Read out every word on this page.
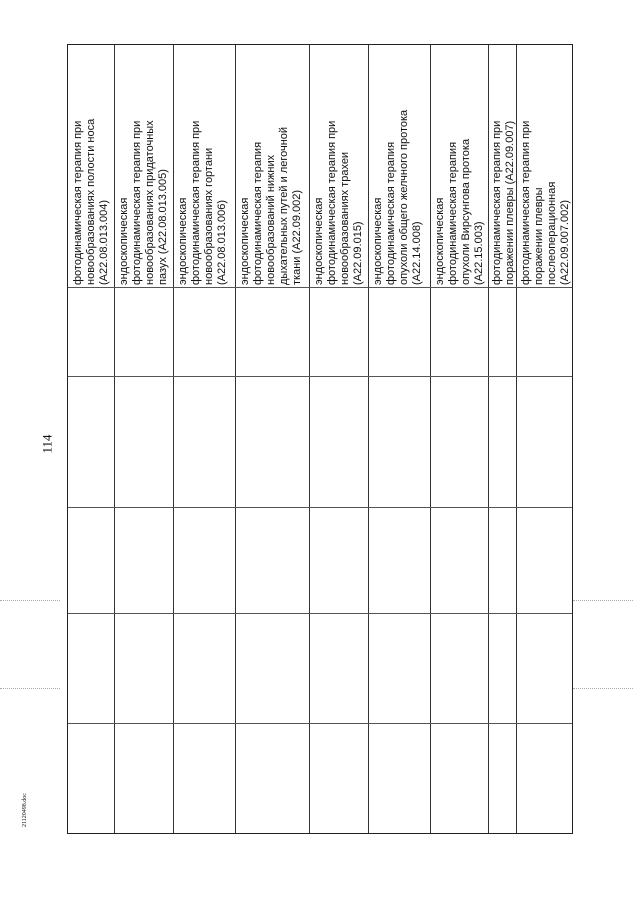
114
21120498.doc
фотодинамическая терапия при новообразованиях полости носа (A22.08.013.004) эндоскопическая фотодинамическая терапия при новообразованиях придаточных пазух (A22.08.013.005) эндоскопическая фотодинамическая терапия при новообразованиях гортани (A22.08.013.006) эндоскопическая фотодинамическая терапия новообразований нижних дыхательных путей и легочной ткани (A22.09.002) эндоскопическая фотодинамическая терапия при новообразованиях трахеи (A22.09.015) эндоскопическая фотодинамическая терапия опухоли общего желчного протока (A22.14.008) эндоскопическая фотодинамическая терапия опухоли Вирсунгова протока (A22.15.003) фотодинамическая терапия при поражении плевры (A22.09.007) фотодинамическая терапия при поражении плевры послеоперационная (A22.09.007.002)
